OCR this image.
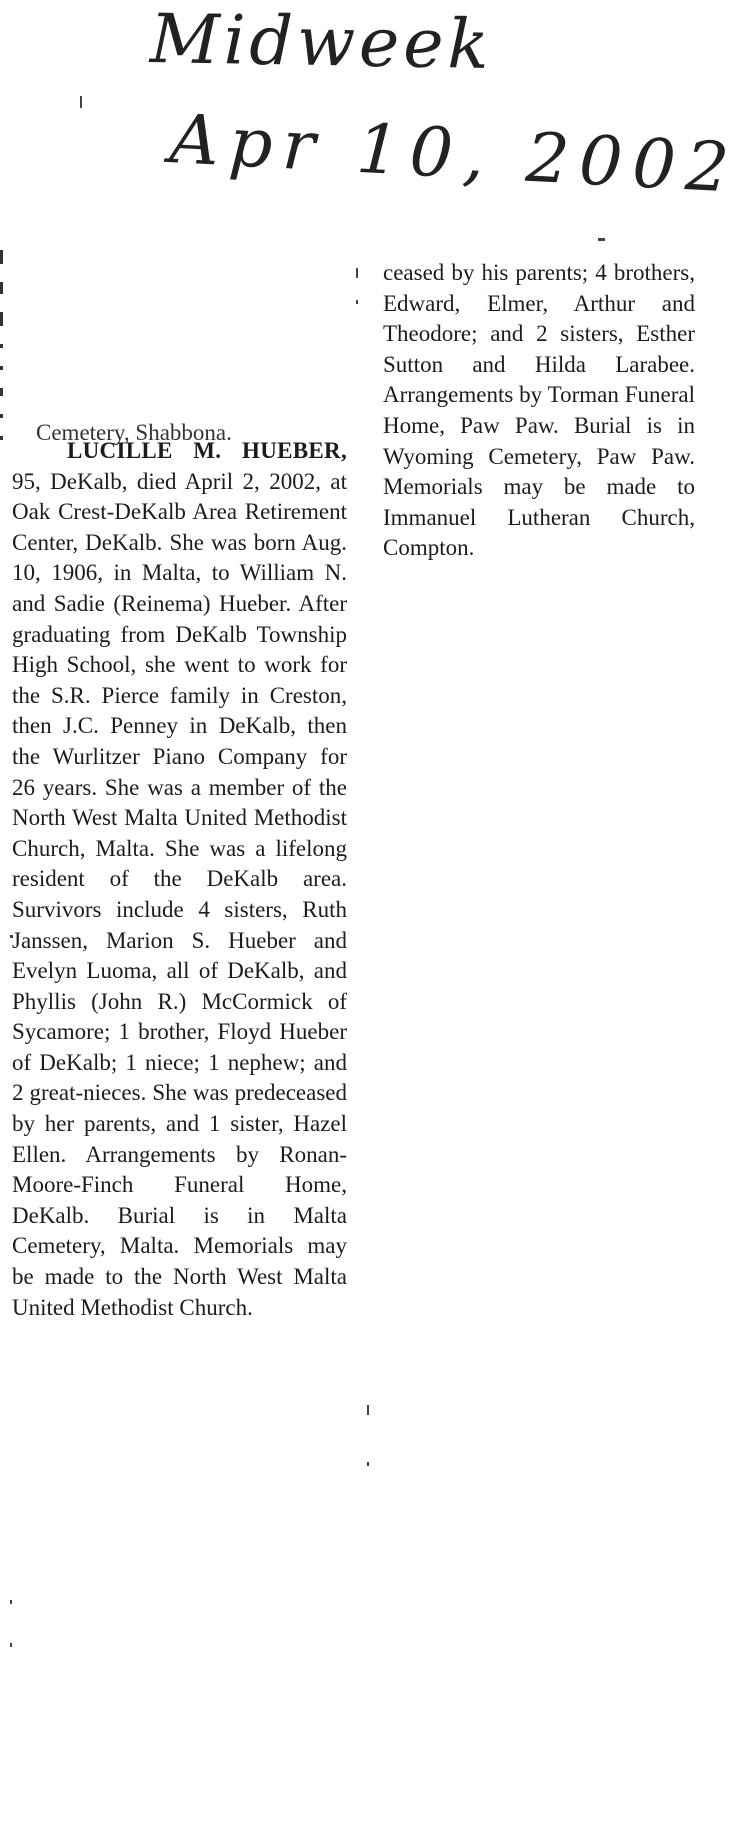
Midweek
Apr 10, 2002
Cemetery, Shabbona.

LUCILLE M. HUEBER, 95, DeKalb, died April 2, 2002, at Oak Crest-DeKalb Area Retirement Center, DeKalb. She was born Aug. 10, 1906, in Malta, to William N. and Sadie (Reinema) Hueber. After graduating from DeKalb Township High School, she went to work for the S.R. Pierce family in Creston, then J.C. Penney in DeKalb, then the Wurlitzer Piano Company for 26 years. She was a member of the North West Malta United Methodist Church, Malta. She was a lifelong resident of the DeKalb area. Survivors include 4 sisters, Ruth Janssen, Marion S. Hueber and Evelyn Luoma, all of DeKalb, and Phyllis (John R.) McCormick of Sycamore; 1 brother, Floyd Hueber of DeKalb; 1 niece; 1 nephew; and 2 great-nieces. She was predeceased by her parents, and 1 sister, Hazel Ellen. Arrangements by Ronan-Moore-Finch Funeral Home, DeKalb. Burial is in Malta Cemetery, Malta. Memorials may be made to the North West Malta United Methodist Church.

ceased by his parents; 4 brothers, Edward, Elmer, Arthur and Theodore; and 2 sisters, Esther Sutton and Hilda Larabee. Arrangements by Torman Funeral Home, Paw Paw. Burial is in Wyoming Cemetery, Paw Paw. Memorials may be made to Immanuel Lutheran Church, Compton.
